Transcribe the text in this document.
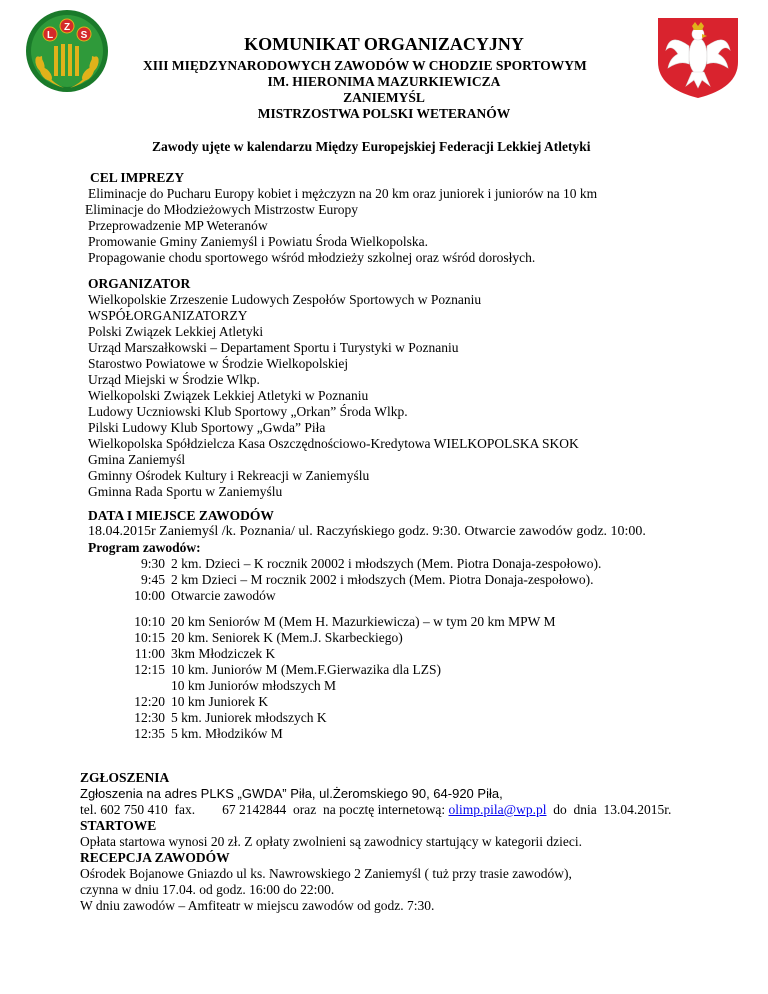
L
Z
S	KOMUNIKAT ORGANIZACYJNY
XIII MIĘDZYNARODOWYCH ZAWODÓW W CHODZIE SPORTOWYM
IM. HIERONIMA MAZURKIEWICZA
ZANIEMYŚL
MISTRZOSTWA POLSKI WETERANÓW
Zawody ujęte w kalendarzu Między Europejskiej Federacji Lekkiej Atletyki
CEL IMPREZY
Eliminacje do Pucharu Europy kobiet i mężczyzn na 20 km oraz juniorek i juniorów na 10 km
Eliminacje do Młodzieżowych Mistrzostw Europy
Przeprowadzenie MP Weteranów
Promowanie Gminy Zaniemyśl i Powiatu Środa Wielkopolska.
Propagowanie chodu sportowego wśród młodzieży szkolnej oraz wśród dorosłych.
ORGANIZATOR
Wielkopolskie Zrzeszenie Ludowych Zespołów Sportowych w Poznaniu
WSPÓŁORGANIZATORZY
Polski Związek Lekkiej Atletyki
Urząd Marszałkowski – Departament Sportu i Turystyki w Poznaniu
Starostwo Powiatowe w Środzie Wielkopolskiej
Urząd Miejski w Środzie Wlkp.
Wielkopolski Związek Lekkiej Atletyki w Poznaniu
Ludowy Uczniowski Klub Sportowy „Orkan” Środa Wlkp.
Pilski Ludowy Klub Sportowy „Gwda” Piła
Wielkopolska Spółdzielcza Kasa Oszczędnościowo-Kredytowa WIELKOPOLSKA SKOK
Gmina Zaniemyśl
Gminny Ośrodek Kultury i Rekreacji w Zaniemyślu
Gminna Rada Sportu w Zaniemyślu
DATA I MIEJSCE ZAWODÓW
18.04.2015r Zaniemyśl /k. Poznania/ ul. Raczyńskiego godz. 9:30. Otwarcie zawodów godz. 10:00.
Program zawodów:
9:30 2 km. Dzieci – K rocznik 20002 i młodszych (Mem. Piotra Donaja-zespołowo).
9:45 2 km Dzieci – M rocznik 2002 i młodszych (Mem. Piotra Donaja-zespołowo).
10:00 Otwarcie zawodów
10:10 20 km Seniorów M (Mem H. Mazurkiewicza) – w tym 20 km MPW M
10:15 20 km. Seniorek K (Mem.J. Skarbeckiego)
11:00 3km Młodziczek K
12:15 10 km. Juniorów M (Mem.F.Gierwazika dla LZS)
10 km Juniorów młodszych M
12:20 10 km Juniorek K
12:30 5 km. Juniorek młodszych K
12:35 5 km. Młodzików M
ZGŁOSZENIA
Zgłoszenia na adres PLKS „GWDA” Piła, ul.Żeromskiego 90, 64-920 Piła,
tel. 602 750 410  fax.        67 2142844  oraz  na pocztę internetową: olimp.pila@wp.pl  do  dnia  13.04.2015r.
STARTOWE
Opłata startowa wynosi 20 zł. Z opłaty zwolnieni są zawodnicy startujący w kategorii dzieci.
RECEPCJA ZAWODÓW
Ośrodek Bojanowe Gniazdo ul ks. Nawrowskiego 2 Zaniemyśl ( tuż przy trasie zawodów),
czynna w dniu 17.04. od godz. 16:00 do 22:00.
W dniu zawodów – Amfiteatr w miejscu zawodów od godz. 7:30.
